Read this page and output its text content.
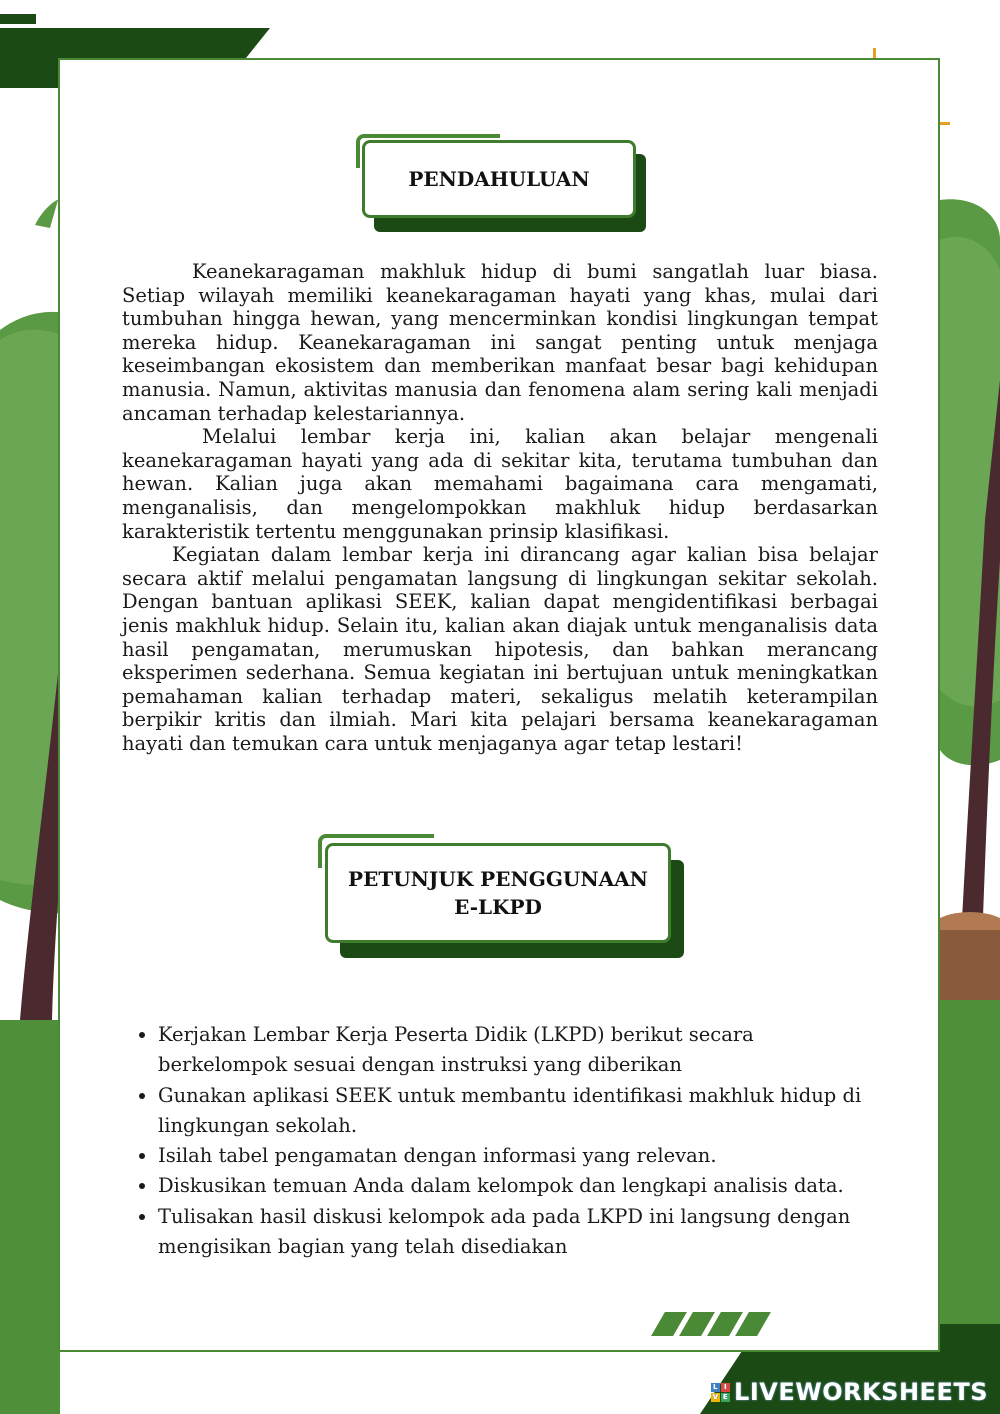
PENDAHULUAN

Keanekaragaman makhluk hidup di bumi sangatlah luar biasa. Setiap wilayah memiliki keanekaragaman hayati yang khas, mulai dari tumbuhan hingga hewan, yang mencerminkan kondisi lingkungan tempat mereka hidup. Keanekaragaman ini sangat penting untuk menjaga keseimbangan ekosistem dan memberikan manfaat besar bagi kehidupan manusia. Namun, aktivitas manusia dan fenomena alam sering kali menjadi ancaman terhadap kelestariannya.

Melalui lembar kerja ini, kalian akan belajar mengenali keanekaragaman hayati yang ada di sekitar kita, terutama tumbuhan dan hewan. Kalian juga akan memahami bagaimana cara mengamati, menganalisis, dan mengelompokkan makhluk hidup berdasarkan karakteristik tertentu menggunakan prinsip klasifikasi.

Kegiatan dalam lembar kerja ini dirancang agar kalian bisa belajar secara aktif melalui pengamatan langsung di lingkungan sekitar sekolah. Dengan bantuan aplikasi SEEK, kalian dapat mengidentifikasi berbagai jenis makhluk hidup. Selain itu, kalian akan diajak untuk menganalisis data hasil pengamatan, merumuskan hipotesis, dan bahkan merancang eksperimen sederhana. Semua kegiatan ini bertujuan untuk meningkatkan pemahaman kalian terhadap materi, sekaligus melatih keterampilan berpikir kritis dan ilmiah. Mari kita pelajari bersama keanekaragaman hayati dan temukan cara untuk menjaganya agar tetap lestari!

PETUNJUK PENGGUNAAN
E-LKPD
• Kerjakan Lembar Kerja Peserta Didik (LKPD) berikut secara berkelompok sesuai dengan instruksi yang diberikan
• Gunakan aplikasi SEEK untuk membantu identifikasi makhluk hidup di lingkungan sekolah.
• Isilah tabel pengamatan dengan informasi yang relevan.
• Diskusikan temuan Anda dalam kelompok dan lengkapi analisis data.
• Tulisakan hasil diskusi kelompok ada pada LKPD ini langsung dengan mengisikan bagian yang telah disediakan
L I
V E LIVEWORKSHEETS
